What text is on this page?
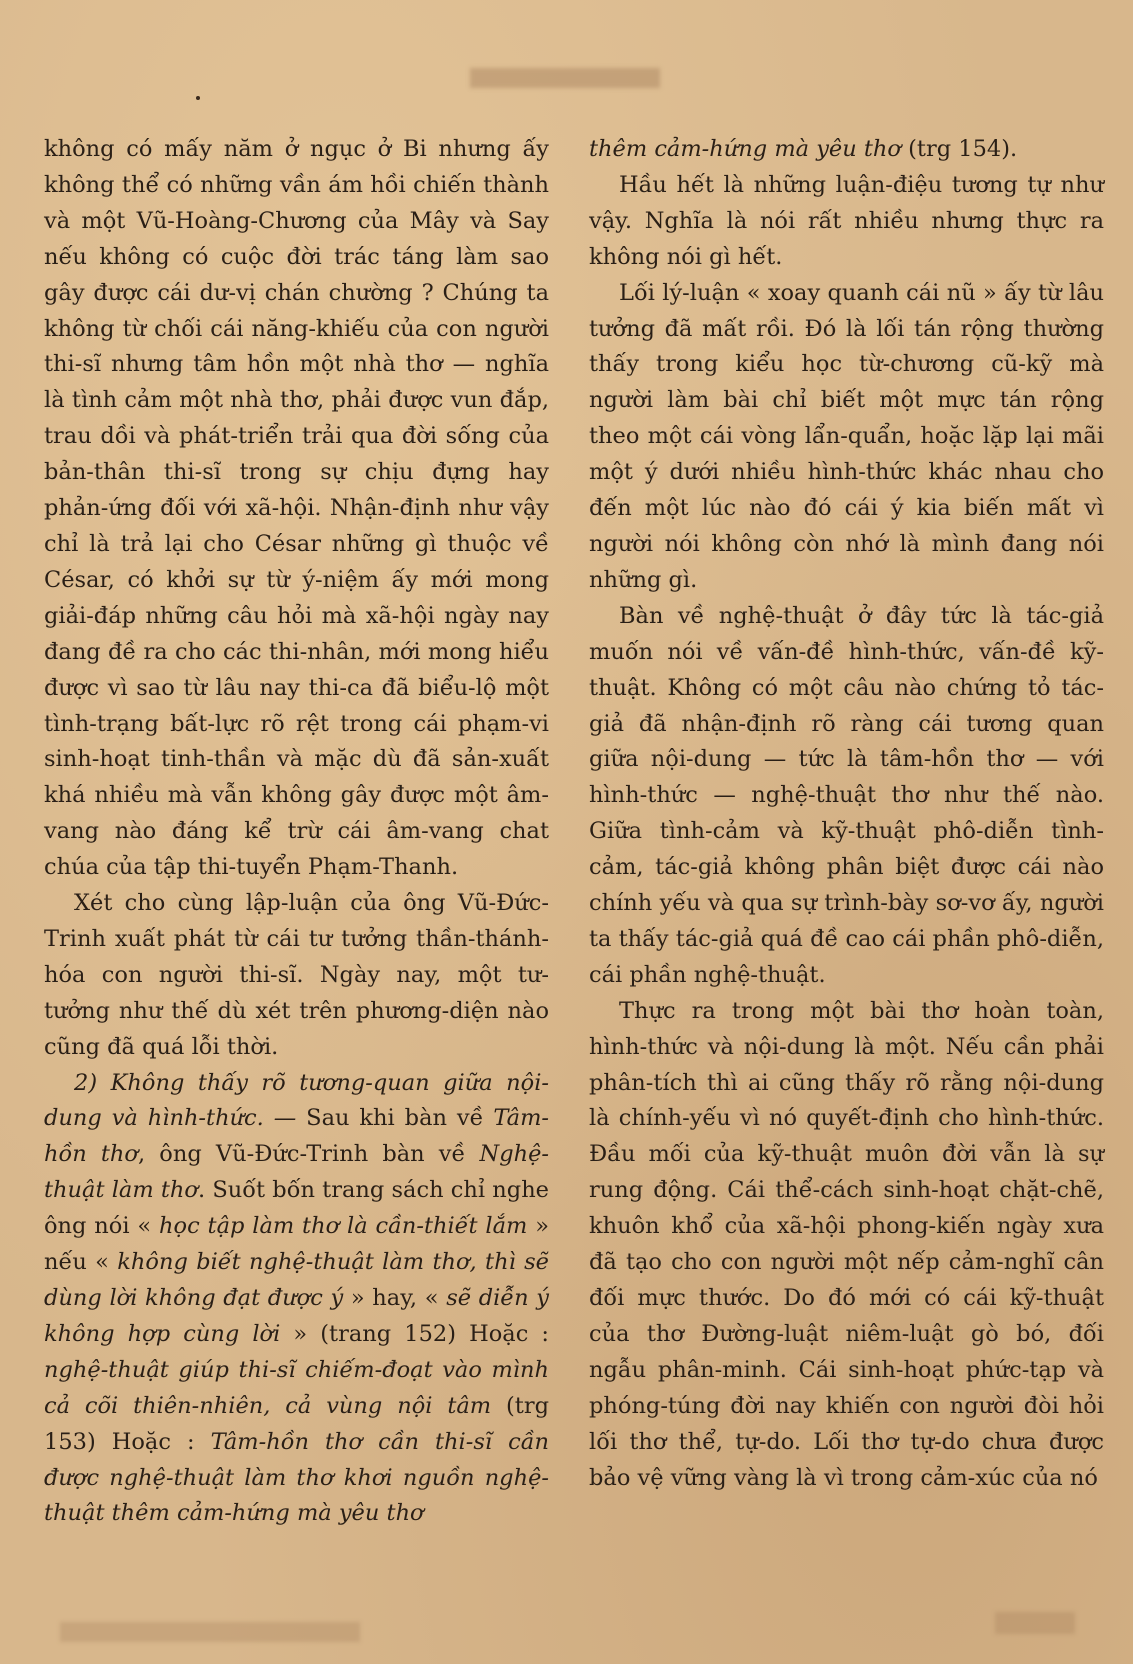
không có mấy năm ở ngục ở Bi nhưng ấy không thể có những vần ám hồi chiến thành và một Vũ-Hoàng-Chương của Mây và Say nếu không có cuộc đời trác táng làm sao gây được cái dư-vị chán chường ? Chúng ta không từ chối cái năng-khiếu của con người thi-sĩ nhưng tâm hồn một nhà thơ — nghĩa là tình cảm một nhà thơ, phải được vun đắp, trau dồi và phát-triển trải qua đời sống của bản-thân thi-sĩ trong sự chịu đựng hay phản-ứng đối với xã-hội. Nhận-định như vậy chỉ là trả lại cho César những gì thuộc về César, có khởi sự từ ý-niệm ấy mới mong giải-đáp những câu hỏi mà xã-hội ngày nay đang đề ra cho các thi-nhân, mới mong hiểu được vì sao từ lâu nay thi-ca đã biểu-lộ một tình-trạng bất-lực rõ rệt trong cái phạm-vi sinh-hoạt tinh-thần và mặc dù đã sản-xuất khá nhiều mà vẫn không gây được một âm-vang nào đáng kể trừ cái âm-vang chat chúa của tập thi-tuyển Phạm-Thanh.

Xét cho cùng lập-luận của ông Vũ-Đức-Trinh xuất phát từ cái tư tưởng thần-thánh-hóa con người thi-sĩ. Ngày nay, một tư-tưởng như thế dù xét trên phương-diện nào cũng đã quá lỗi thời.

2) Không thấy rõ tương-quan giữa nội-dung và hình-thức. — Sau khi bàn về Tâm-hồn thơ, ông Vũ-Đức-Trinh bàn về Nghệ-thuật làm thơ. Suốt bốn trang sách chỉ nghe ông nói « học tập làm thơ là cần-thiết lắm » nếu « không biết nghệ-thuật làm thơ, thì sẽ dùng lời không đạt được ý » hay, « sẽ diễn ý không hợp cùng lời » (trang 152) Hoặc : nghệ-thuật giúp thi-sĩ chiếm-đoạt vào mình cả cõi thiên-nhiên, cả vùng nội tâm (trg 153) Hoặc : Tâm-hồn thơ cần thi-sĩ cần được nghệ-thuật làm thơ khơi nguồn nghệ-thuật thêm cảm-hứng mà yêu thơ

thêm cảm-hứng mà yêu thơ (trg 154).

Hầu hết là những luận-điệu tương tự như vậy. Nghĩa là nói rất nhiều nhưng thực ra không nói gì hết.

Lối lý-luận « xoay quanh cái nũ » ấy từ lâu tưởng đã mất rồi. Đó là lối tán rộng thường thấy trong kiểu học từ-chương cũ-kỹ mà người làm bài chỉ biết một mực tán rộng theo một cái vòng lẩn-quẩn, hoặc lặp lại mãi một ý dưới nhiều hình-thức khác nhau cho đến một lúc nào đó cái ý kia biến mất vì người nói không còn nhớ là mình đang nói những gì.

Bàn về nghệ-thuật ở đây tức là tác-giả muốn nói về vấn-đề hình-thức, vấn-đề kỹ-thuật. Không có một câu nào chứng tỏ tác-giả đã nhận-định rõ ràng cái tương quan giữa nội-dung — tức là tâm-hồn thơ — với hình-thức — nghệ-thuật thơ như thế nào. Giữa tình-cảm và kỹ-thuật phô-diễn tình-cảm, tác-giả không phân biệt được cái nào chính yếu và qua sự trình-bày sơ-vơ ấy, người ta thấy tác-giả quá đề cao cái phần phô-diễn, cái phần nghệ-thuật.

Thực ra trong một bài thơ hoàn toàn, hình-thức và nội-dung là một. Nếu cần phải phân-tích thì ai cũng thấy rõ rằng nội-dung là chính-yếu vì nó quyết-định cho hình-thức. Đầu mối của kỹ-thuật muôn đời vẫn là sự rung động. Cái thể-cách sinh-hoạt chặt-chẽ, khuôn khổ của xã-hội phong-kiến ngày xưa đã tạo cho con người một nếp cảm-nghĩ cân đối mực thước. Do đó mới có cái kỹ-thuật của thơ Đường-luật niêm-luật gò bó, đối ngẫu phân-minh. Cái sinh-hoạt phức-tạp và phóng-túng đời nay khiến con người đòi hỏi lối thơ thể, tự-do. Lối thơ tự-do chưa được bảo vệ vững vàng là vì trong cảm-xúc của nó
